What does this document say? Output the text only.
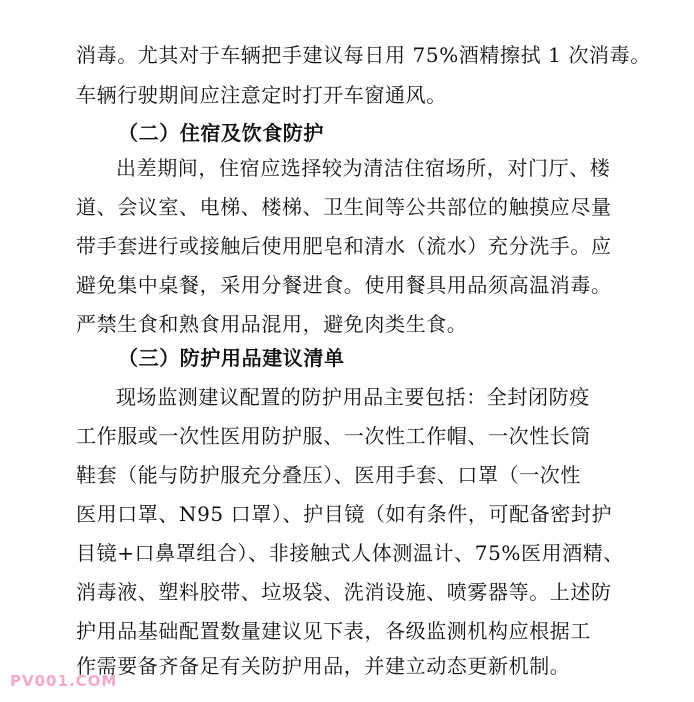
消毒。尤其对于车辆把手建议每日用 75%酒精擦拭 1 次消毒。
车辆行驶期间应注意定时打开车窗通风。
（二）住宿及饮食防护
出差期间，住宿应选择较为清洁住宿场所，对门厅、楼
道、会议室、电梯、楼梯、卫生间等公共部位的触摸应尽量
带手套进行或接触后使用肥皂和清水（流水）充分洗手。应
避免集中桌餐，采用分餐进食。使用餐具用品须高温消毒。
严禁生食和熟食用品混用，避免肉类生食。
（三）防护用品建议清单
现场监测建议配置的防护用品主要包括：全封闭防疫
工作服或一次性医用防护服、一次性工作帽、一次性长筒
鞋套（能与防护服充分叠压）、医用手套、口罩（一次性
医用口罩、N95 口罩）、护目镜（如有条件，可配备密封护
目镜+口鼻罩组合）、非接触式人体测温计、75%医用酒精、
消毒液、塑料胶带、垃圾袋、洗消设施、喷雾器等。上述防
护用品基础配置数量建议见下表，各级监测机构应根据工
作需要备齐备足有关防护用品，并建立动态更新机制。
PV001.COM
